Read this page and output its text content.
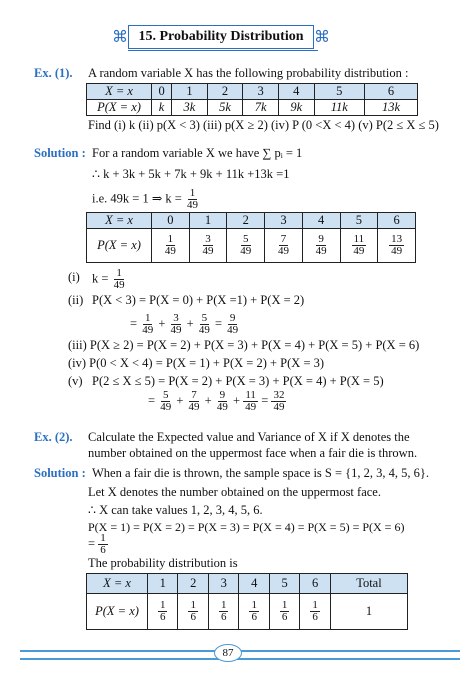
⌘ 15. Probability Distribution ⌘
Ex. (1). A random variable X has the following probability distribution :
X = x	0	1	2	3	4	5	6
P(X = x)	k	3k	5k	7k	9k	11k	13k
Find (i) k (ii) p(X < 3) (iii) p(X ≥ 2) (iv) P (0 <X < 4) (v) P(2 ≤ X ≤ 5)
Solution : For a random variable X we have ∑ pᵢ = 1
∴ k + 3k + 5k + 7k + 9k + 11k +13k =1
i.e. 49k = 1 ⇒ $k = \frac{1}{49}$
X = x	0	1	2	3	4	5	6
P(X = x)	$\frac{1}{49}$	$\frac{3}{49}$	$\frac{5}{49}$	$\frac{7}{49}$	$\frac{9}{49}$	$\frac{11}{49}$	$\frac{13}{49}$
(i) $k = \frac{1}{49}$
(ii) P(X < 3) = P(X = 0) + P(X =1) + P(X = 2)
= $\frac{1}{49} + \frac{3}{49} + \frac{5}{49} = \frac{9}{49}$
(iii) P(X ≥ 2) = P(X = 2) + P(X = 3) + P(X = 4) + P(X = 5) + P(X = 6)
(iv) P(0 < X < 4) = P(X = 1) + P(X = 2) + P(X = 3)
(v) P(2 ≤ X ≤ 5) = P(X = 2) + P(X = 3) + P(X = 4) + P(X = 5)
= $\frac{5}{49} + \frac{7}{49} + \frac{9}{49} + \frac{11}{49} = \frac{32}{49}$
Ex. (2). Calculate the Expected value and Variance of X if X denotes the
number obtained on the uppermost face when a fair die is thrown.
Solution : When a fair die is thrown, the sample space is S = {1, 2, 3, 4, 5, 6}.
Let X denotes the number obtained on the uppermost face.
∴ X can take values 1, 2, 3, 4, 5, 6.
P(X = 1) = P(X = 2) = P(X = 3) = P(X = 4) = P(X = 5) = P(X = 6)
= $\frac{1}{6}$
The probability distribution is
X = x	1	2	3	4	5	6	Total
P(X = x)	$\frac{1}{6}$	$\frac{1}{6}$	$\frac{1}{6}$	$\frac{1}{6}$	$\frac{1}{6}$	$\frac{1}{6}$	1
87
